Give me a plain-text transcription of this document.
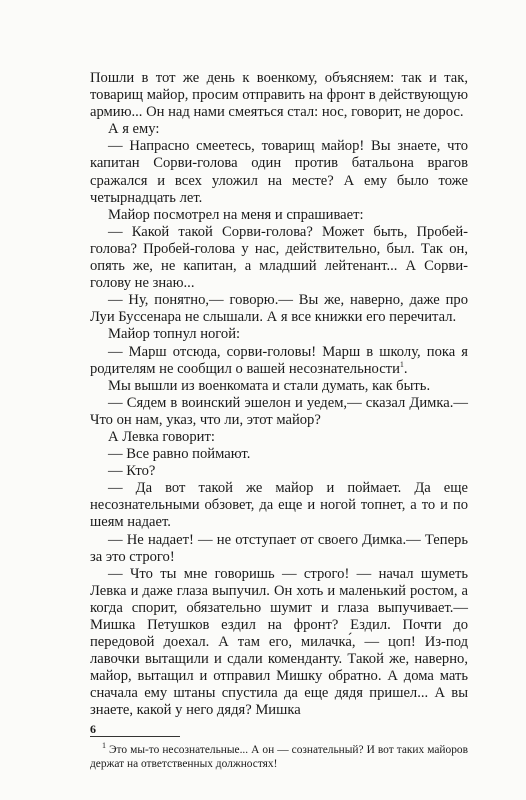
Пошли в тот же день к военкому, объясняем: так и так, товарищ майор, просим отправить на фронт в действующую армию... Он над нами смеяться стал: нос, говорит, не дорос.

А я ему:

— Напрасно смеетесь, товарищ майор! Вы знаете, что капитан Сорви-голова один против батальона врагов сражался и всех уложил на месте? А ему было тоже четырнадцать лет.

Майор посмотрел на меня и спрашивает:

— Какой такой Сорви-голова? Может быть, Пробей-голова? Пробей-голова у нас, действительно, был. Так он, опять же, не капитан, а младший лейтенант... А Сорви-голову не знаю...

— Ну, понятно,— говорю.— Вы же, наверно, даже про Луи Буссенара не слышали. А я все книжки его перечитал.

Майор топнул ногой:

— Марш отсюда, сорви-головы! Марш в школу, пока я родителям не сообщил о вашей несознательности$^1$.

Мы вышли из военкомата и стали думать, как быть.

— Сядем в воинский эшелон и уедем,— сказал Димка.— Что он нам, указ, что ли, этот майор?

А Левка говорит:

— Все равно поймают.

— Кто?

— Да вот такой же майор и поймает. Да еще несознательными обзовет, да еще и ногой топнет, а то и по шеям надает.

— Не надает! — не отступает от своего Димка.— Теперь за это строго!

— Что ты мне говоришь — строго! — начал шуметь Левка и даже глаза выпучил. Он хоть и маленький ростом, а когда спорит, обязательно шумит и глаза выпучивает.— Мишка Петушков ездил на фронт? Ездил. Почти до передовой доехал. А там его, милачка́, — цоп! Из-под лавочки вытащили и сдали коменданту. Такой же, наверно, майор, вытащил и отправил Мишку обратно. А дома мать сначала ему штаны спустила да еще дядя пришел... А вы знаете, какой у него дядя? Мишка

$^1$ Это мы-то несознательные... А он — сознательный? И вот таких майоров держат на ответственных должностях!

6
